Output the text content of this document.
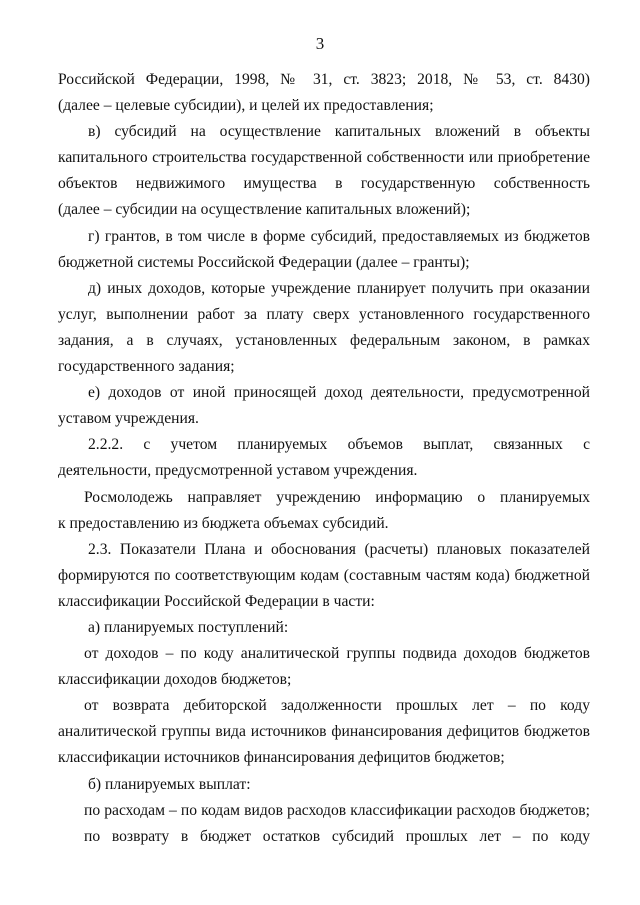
3
Российской Федерации, 1998, № 31, ст. 3823; 2018, № 53, ст. 8430)
(далее – целевые субсидии), и целей их предоставления;
в) субсидий на осуществление капитальных вложений в объекты
капитального строительства государственной собственности или приобретение
объектов недвижимого имущества в государственную собственность
(далее – субсидии на осуществление капитальных вложений);
г) грантов, в том числе в форме субсидий, предоставляемых из бюджетов
бюджетной системы Российской Федерации (далее – гранты);
д) иных доходов, которые учреждение планирует получить при оказании
услуг, выполнении работ за плату сверх установленного государственного
задания, а в случаях, установленных федеральным законом, в рамках
государственного задания;
е) доходов от иной приносящей доход деятельности, предусмотренной
уставом учреждения.
2.2.2. с учетом планируемых объемов выплат, связанных с
деятельности, предусмотренной уставом учреждения.
Росмолодежь направляет учреждению информацию о планируемых
к предоставлению из бюджета объемах субсидий.
2.3. Показатели Плана и обоснования (расчеты) плановых показателей
формируются по соответствующим кодам (составным частям кода) бюджетной
классификации Российской Федерации в части:
а) планируемых поступлений:
от доходов – по коду аналитической группы подвида доходов бюджетов
классификации доходов бюджетов;
от возврата дебиторской задолженности прошлых лет – по коду
аналитической группы вида источников финансирования дефицитов бюджетов
классификации источников финансирования дефицитов бюджетов;
б) планируемых выплат:
по расходам – по кодам видов расходов классификации расходов бюджетов;
по возврату в бюджет остатков субсидий прошлых лет – по коду
